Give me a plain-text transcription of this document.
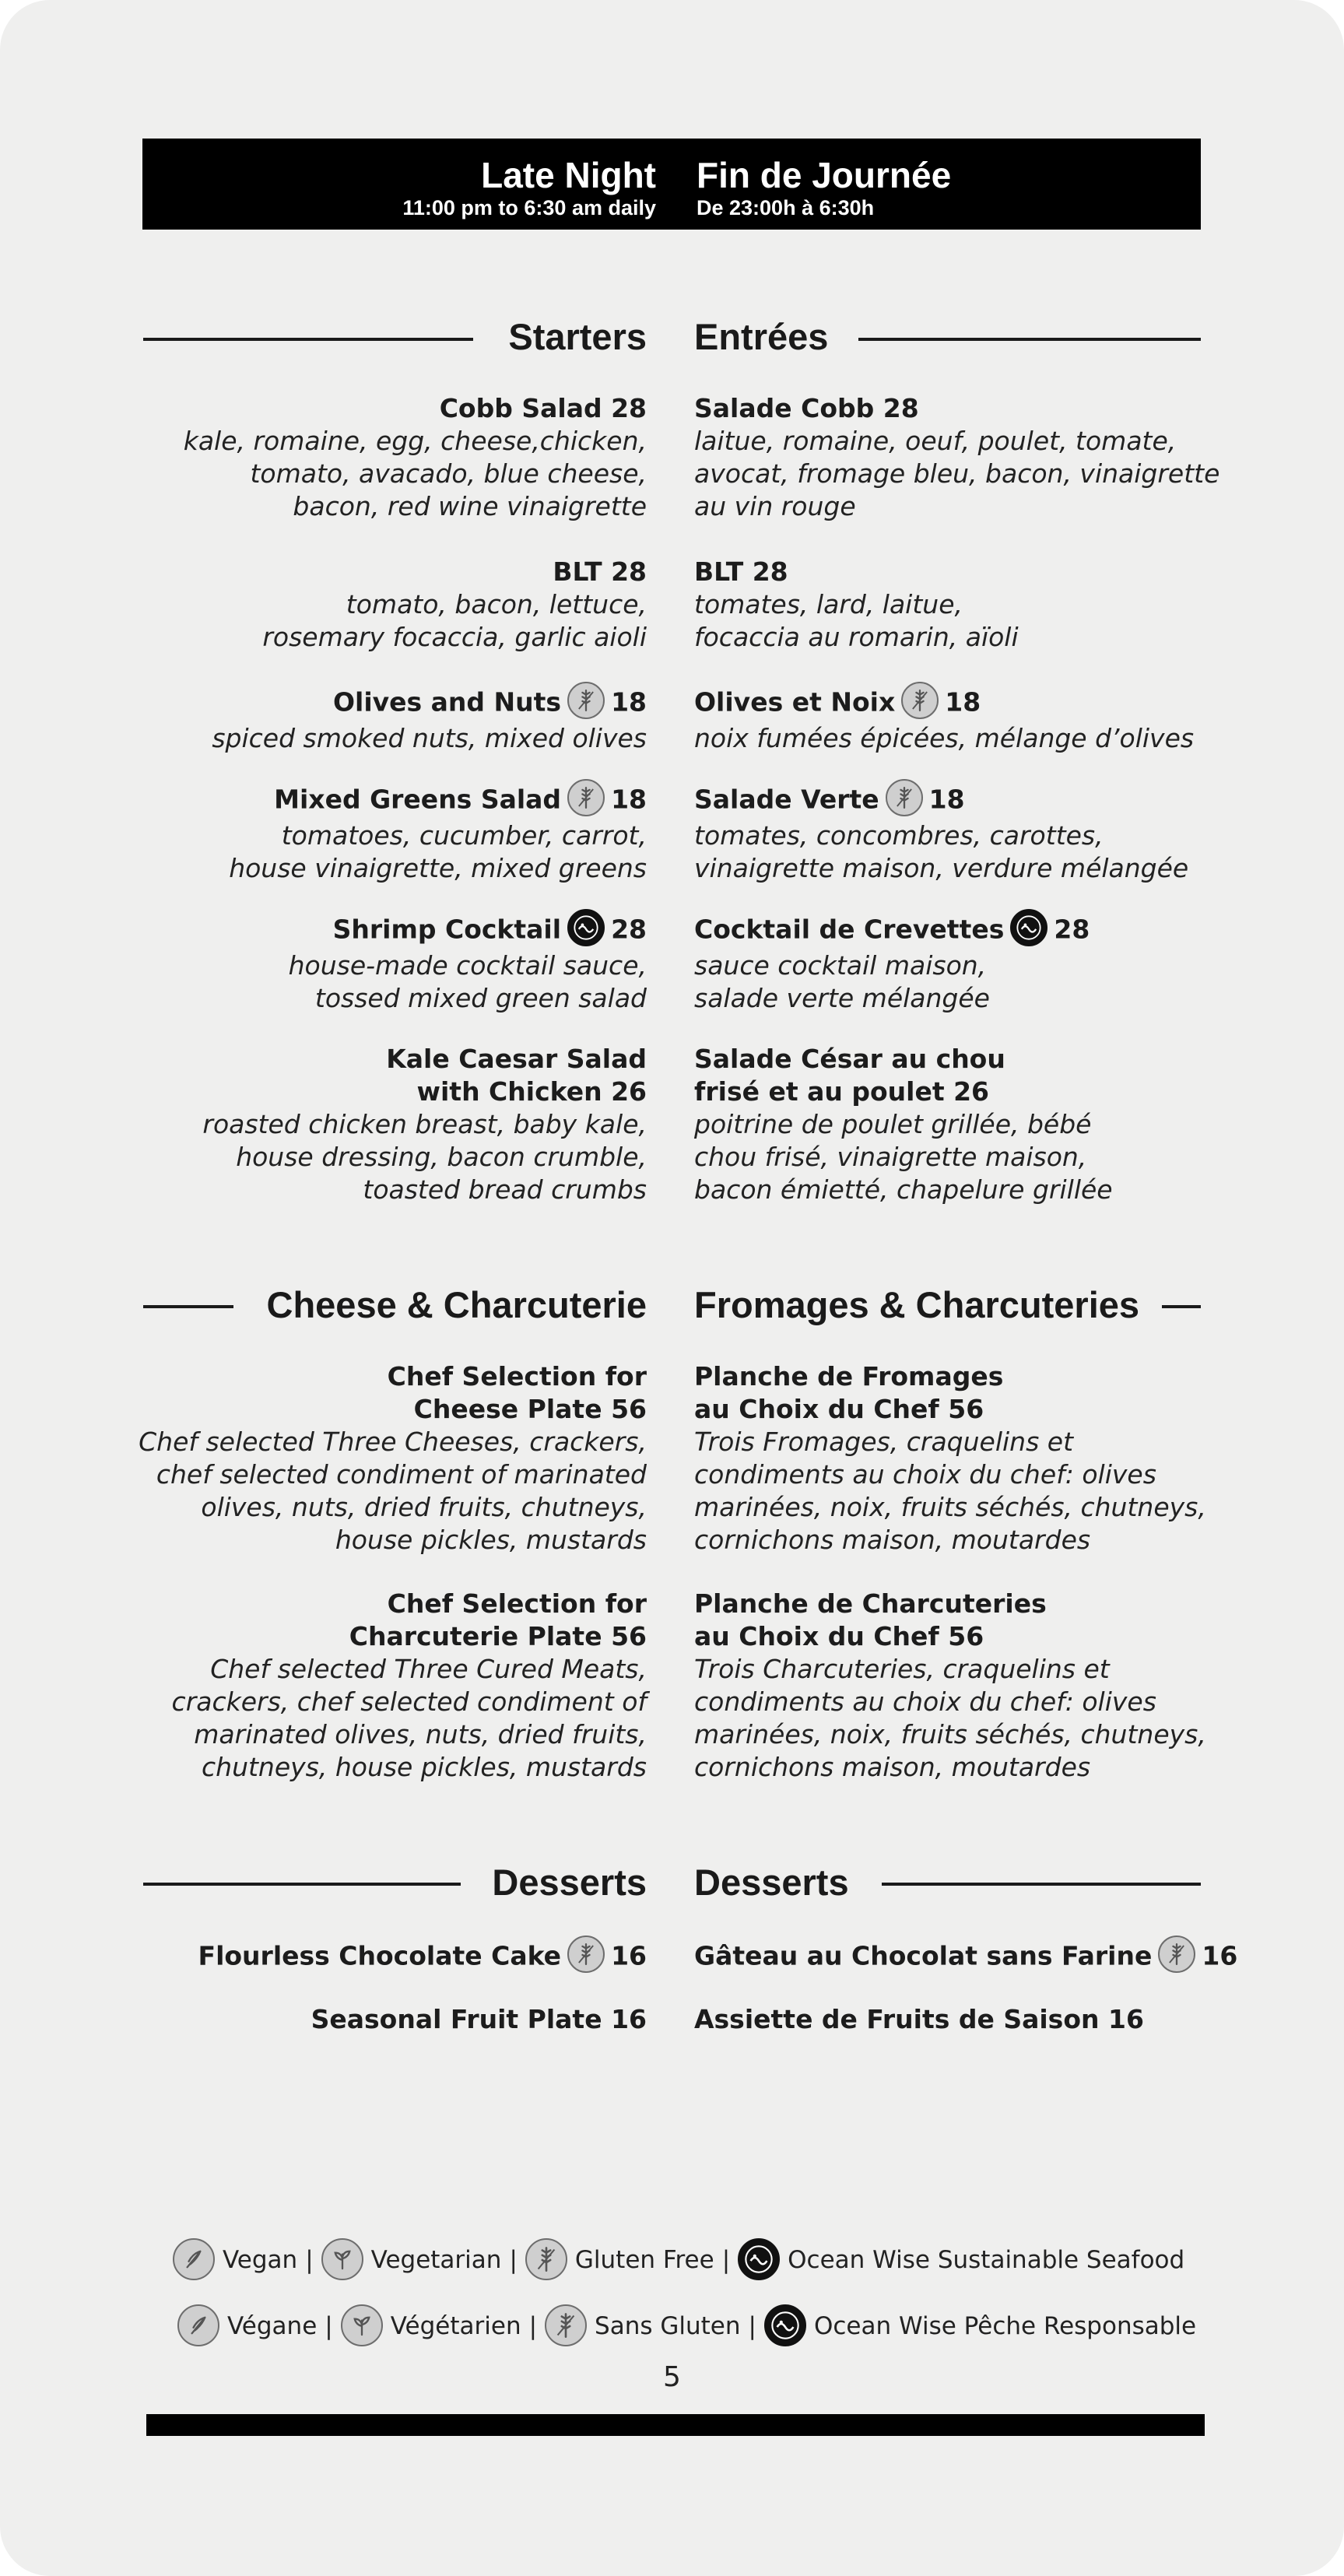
Late Night
11:00 pm to 6:30 am daily
Fin de Journée
De 23:00h à 6:30h
Starters Entrées
Cobb Salad 28
kale, romaine, egg, cheese,chicken,
tomato, avacado, blue cheese,
bacon, red wine vinaigrette
Salade Cobb 28
laitue, romaine, oeuf, poulet, tomate,
avocat, fromage bleu, bacon, vinaigrette
au vin rouge
BLT 28
tomato, bacon, lettuce,
rosemary focaccia, garlic aioli
BLT 28
tomates, lard, laitue,
focaccia au romarin, aïoli
Olives and Nuts 18
spiced smoked nuts, mixed olives
Olives et Noix 18
noix fumées épicées, mélange d’olives
Mixed Greens Salad 18
tomatoes, cucumber, carrot,
house vinaigrette, mixed greens
Salade Verte 18
tomates, concombres, carottes,
vinaigrette maison, verdure mélangée
Shrimp Cocktail 28
house-made cocktail sauce,
tossed mixed green salad
Cocktail de Crevettes 28
sauce cocktail maison,
salade verte mélangée
Kale Caesar Salad
with Chicken 26
roasted chicken breast, baby kale,
house dressing, bacon crumble,
toasted bread crumbs
Salade César au chou
frisé et au poulet 26
poitrine de poulet grillée, bébé
chou frisé, vinaigrette maison,
bacon émietté, chapelure grillée
Cheese & Charcuterie Fromages & Charcuteries
Chef Selection for
Cheese Plate 56
Chef selected Three Cheeses, crackers,
chef selected condiment of marinated
olives, nuts, dried fruits, chutneys,
house pickles, mustards
Planche de Fromages
au Choix du Chef 56
Trois Fromages, craquelins et
condiments au choix du chef: olives
marinées, noix, fruits séchés, chutneys,
cornichons maison, moutardes
Chef Selection for
Charcuterie Plate 56
Chef selected Three Cured Meats,
crackers, chef selected condiment of
marinated olives, nuts, dried fruits,
chutneys, house pickles, mustards
Planche de Charcuteries
au Choix du Chef 56
Trois Charcuteries, craquelins et
condiments au choix du chef: olives
marinées, noix, fruits séchés, chutneys,
cornichons maison, moutardes
Desserts Desserts
Flourless Chocolate Cake 16 Gâteau au Chocolat sans Farine 16
Seasonal Fruit Plate 16 Assiette de Fruits de Saison 16
Vegan | Vegetarian | Gluten Free | Ocean Wise Sustainable Seafood
Végane | Végétarien | Sans Gluten | Ocean Wise Pêche Responsable
5
